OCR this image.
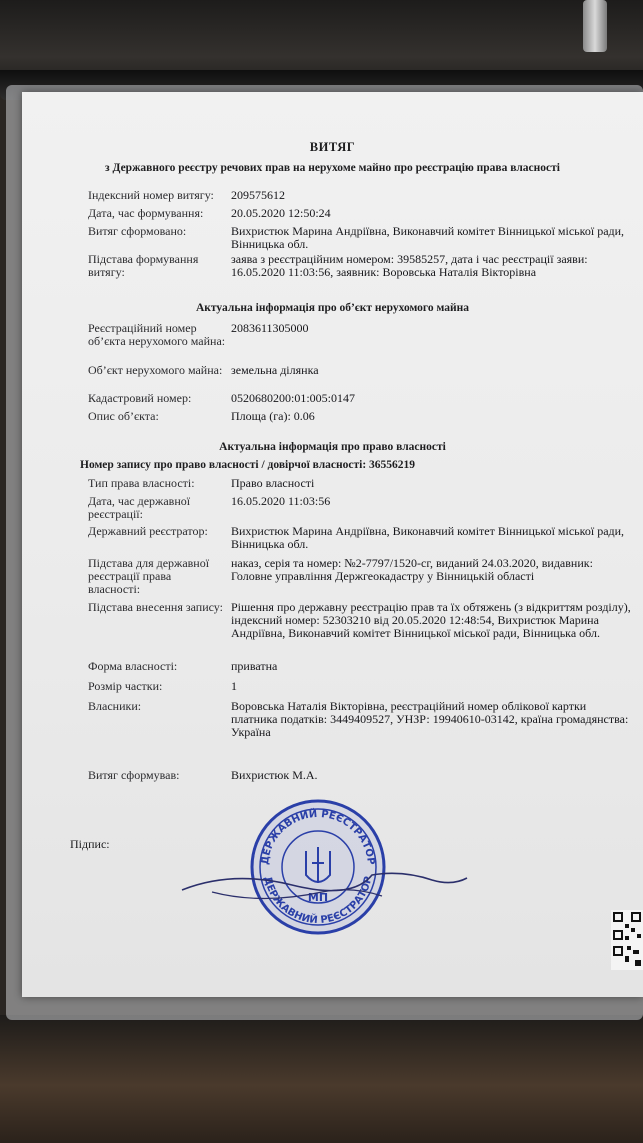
ВИТЯГ
з Державного реєстру речових прав на нерухоме майно про реєстрацію права власності
Індексний номер витягу:	209575612
Дата, час формування:	20.05.2020 12:50:24
Витяг сформовано:	Вихристюк Марина Андріївна, Виконавчий комітет Вінницької міської ради, Вінницька обл.
Підстава формування витягу:
заява з реєстраційним номером: 39585257, дата і час реєстрації заяви: 16.05.2020 11:03:56, заявник: Воровська Наталія Вікторівна
Актуальна інформація про об’єкт нерухомого майна
Реєстраційний номер об’єкта нерухомого майна:
2083611305000
Об’єкт нерухомого майна: земельна ділянка
Кадастровий номер:	0520680200:01:005:0147
Опис об’єкта:	Площа (га): 0.06
Актуальна інформація про право власності
Номер запису про право власності / довірчої власності: 36556219
Тип права власності:	Право власності
Дата, час державної реєстрації:
16.05.2020 11:03:56
Державний реєстратор:	Вихристюк Марина Андріївна, Виконавчий комітет Вінницької міської ради, Вінницька обл.
Підстава для державної реєстрації права власності:
наказ, серія та номер: №2-7797/1520-сг, виданий 24.03.2020, видавник: Головне управління Держгеокадастру у Вінницькій області
Підстава внесення запису: Рішення про державну реєстрацію прав та їх обтяжень (з відкриттям розділу), індексний номер: 52303210 від 20.05.2020 12:48:54, Вихристюк Марина Андріївна, Виконавчий комітет Вінницької міської ради, Вінницька обл.
Форма власності:	приватна
Розмір частки:	1
Власники:	Воровська Наталія Вікторівна, реєстраційний номер облікової картки платника податків: 3449409527, УНЗР: 19940610-03142, країна громадянства: Україна
Витяг сформував:	Вихристюк М.А.
Підпис:
ДЕРЖАВНИЙ РЕЄСТРАТОР
ДЕРЖАВНИЙ РЕЄСТРАТОР
МП
